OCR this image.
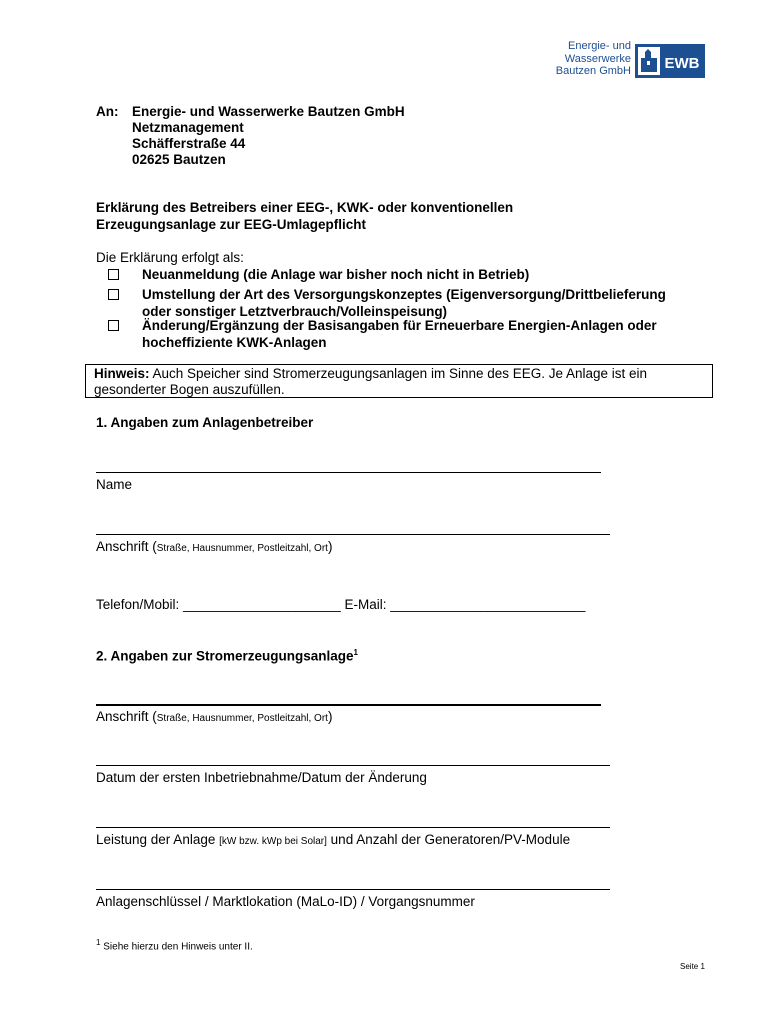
Energie- und
Wasserwerke
Bautzen GmbH EWB
An: Energie- und Wasserwerke Bautzen GmbH
Netzmanagement
Schäfferstraße 44
02625 Bautzen
Erklärung des Betreibers einer EEG-, KWK- oder konventionellen
Erzeugungsanlage zur EEG-Umlagepflicht
Die Erklärung erfolgt als:
Neuanmeldung (die Anlage war bisher noch nicht in Betrieb)
Umstellung der Art des Versorgungskonzeptes (Eigenversorgung/Drittbelieferung
oder sonstiger Letztverbrauch/Volleinspeisung)
Änderung/Ergänzung der Basisangaben für Erneuerbare Energien-Anlagen oder
hocheffiziente KWK-Anlagen
Hinweis: Auch Speicher sind Stromerzeugungsanlagen im Sinne des EEG. Je Anlage ist ein
gesonderter Bogen auszufüllen.
1. Angaben zum Anlagenbetreiber
Name
Anschrift (Straße, Hausnummer, Postleitzahl, Ort)
Telefon/Mobil: _____________________ E-Mail: __________________________
2. Angaben zur Stromerzeugungsanlage$^1$
Anschrift (Straße, Hausnummer, Postleitzahl, Ort)
Datum der ersten Inbetriebnahme/Datum der Änderung
Leistung der Anlage [kW bzw. kWp bei Solar] und Anzahl der Generatoren/PV-Module
Anlagenschlüssel / Marktlokation (MaLo-ID) / Vorgangsnummer
$^1$ Siehe hierzu den Hinweis unter II.
Seite 1
